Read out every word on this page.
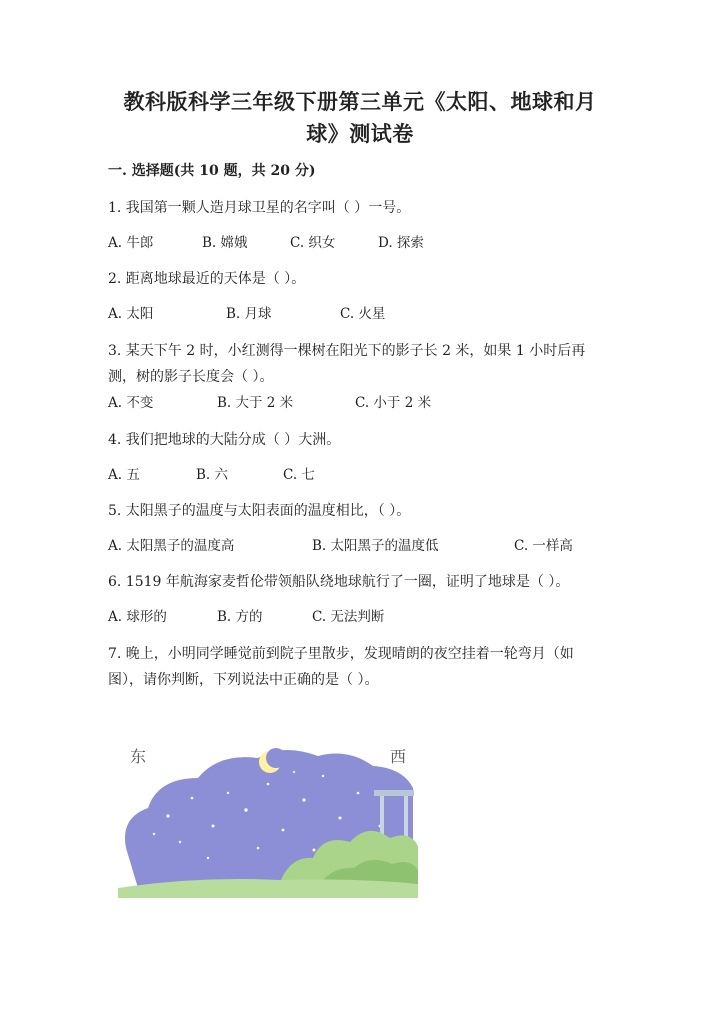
教科版科学三年级下册第三单元《太阳、地球和月
球》测试卷
一. 选择题(共 10 题，共 20 分)
1. 我国第一颗人造月球卫星的名字叫（ ）一号。
A. 牛郎	B. 嫦娥	C. 织女	D. 探索
2. 距离地球最近的天体是（ ）。
A. 太阳	B. 月球	C. 火星
3. 某天下午 2 时，小红测得一棵树在阳光下的影子长 2 米，如果 1 小时后再
测，树的影子长度会（ ）。
A. 不变	B. 大于 2 米	C. 小于 2 米
4. 我们把地球的大陆分成（ ）大洲。
A. 五	B. 六	C. 七
5. 太阳黑子的温度与太阳表面的温度相比，（ ）。
A. 太阳黑子的温度高	B. 太阳黑子的温度低	C. 一样高
6. 1519 年航海家麦哲伦带领船队绕地球航行了一圈，证明了地球是（ ）。
A. 球形的	B. 方的	C. 无法判断
7. 晚上，小明同学睡觉前到院子里散步，发现晴朗的夜空挂着一轮弯月（如
图），请你判断，下列说法中正确的是（ ）。
东	西
